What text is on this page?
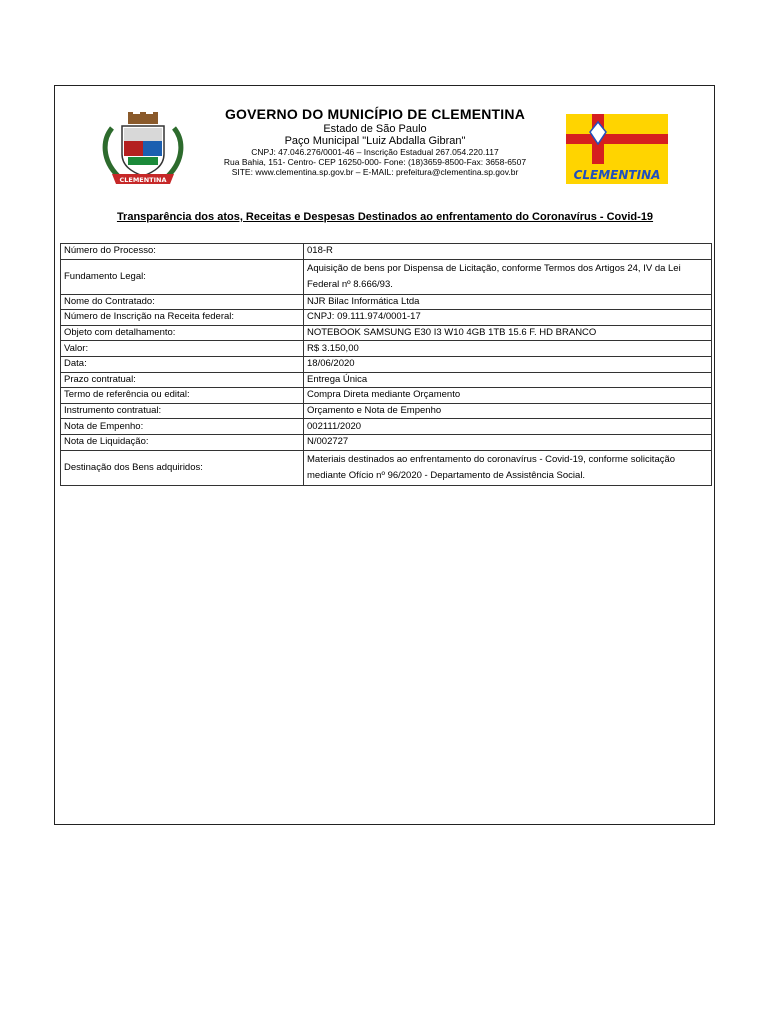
CLEMENTINA
GOVERNO DO MUNICÍPIO DE CLEMENTINA
Estado de São Paulo
Paço Municipal "Luiz Abdalla Gibran"
CNPJ: 47.046.276/0001-46 – Inscrição Estadual 267.054.220.117
Rua Bahia, 151- Centro- CEP 16250-000- Fone: (18)3659-8500-Fax: 3658-6507
SITE: www.clementina.sp.gov.br – E-MAIL: prefeitura@clementina.sp.gov.br	CLEMENTINA
Transparência dos atos, Receitas e Despesas Destinados ao enfrentamento do Coronavírus - Covid-19
Número do Processo:	018-R
Fundamento Legal:	Aquisição de bens por Dispensa de Licitação, conforme Termos dos Artigos 24, IV da Lei Federal nº 8.666/93.

Nome do Contratado:	NJR Bilac Informática Ltda
Número de Inscrição na Receita federal:	CNPJ: 09.111.974/0001-17
Objeto com detalhamento:	NOTEBOOK SAMSUNG E30 I3 W10 4GB 1TB 15.6 F. HD BRANCO
Valor:	R$ 3.150,00
Data:	18/06/2020
Prazo contratual:	Entrega Única
Termo de referência ou edital:	Compra Direta mediante Orçamento
Instrumento contratual:	Orçamento e Nota de Empenho
Nota de Empenho:	002111/2020
Nota de Liquidação:	N/002727
Destinação dos Bens adquiridos:	Materiais destinados ao enfrentamento do coronavírus - Covid-19, conforme solicitação mediante Ofício nº 96/2020 - Departamento de Assistência Social.
